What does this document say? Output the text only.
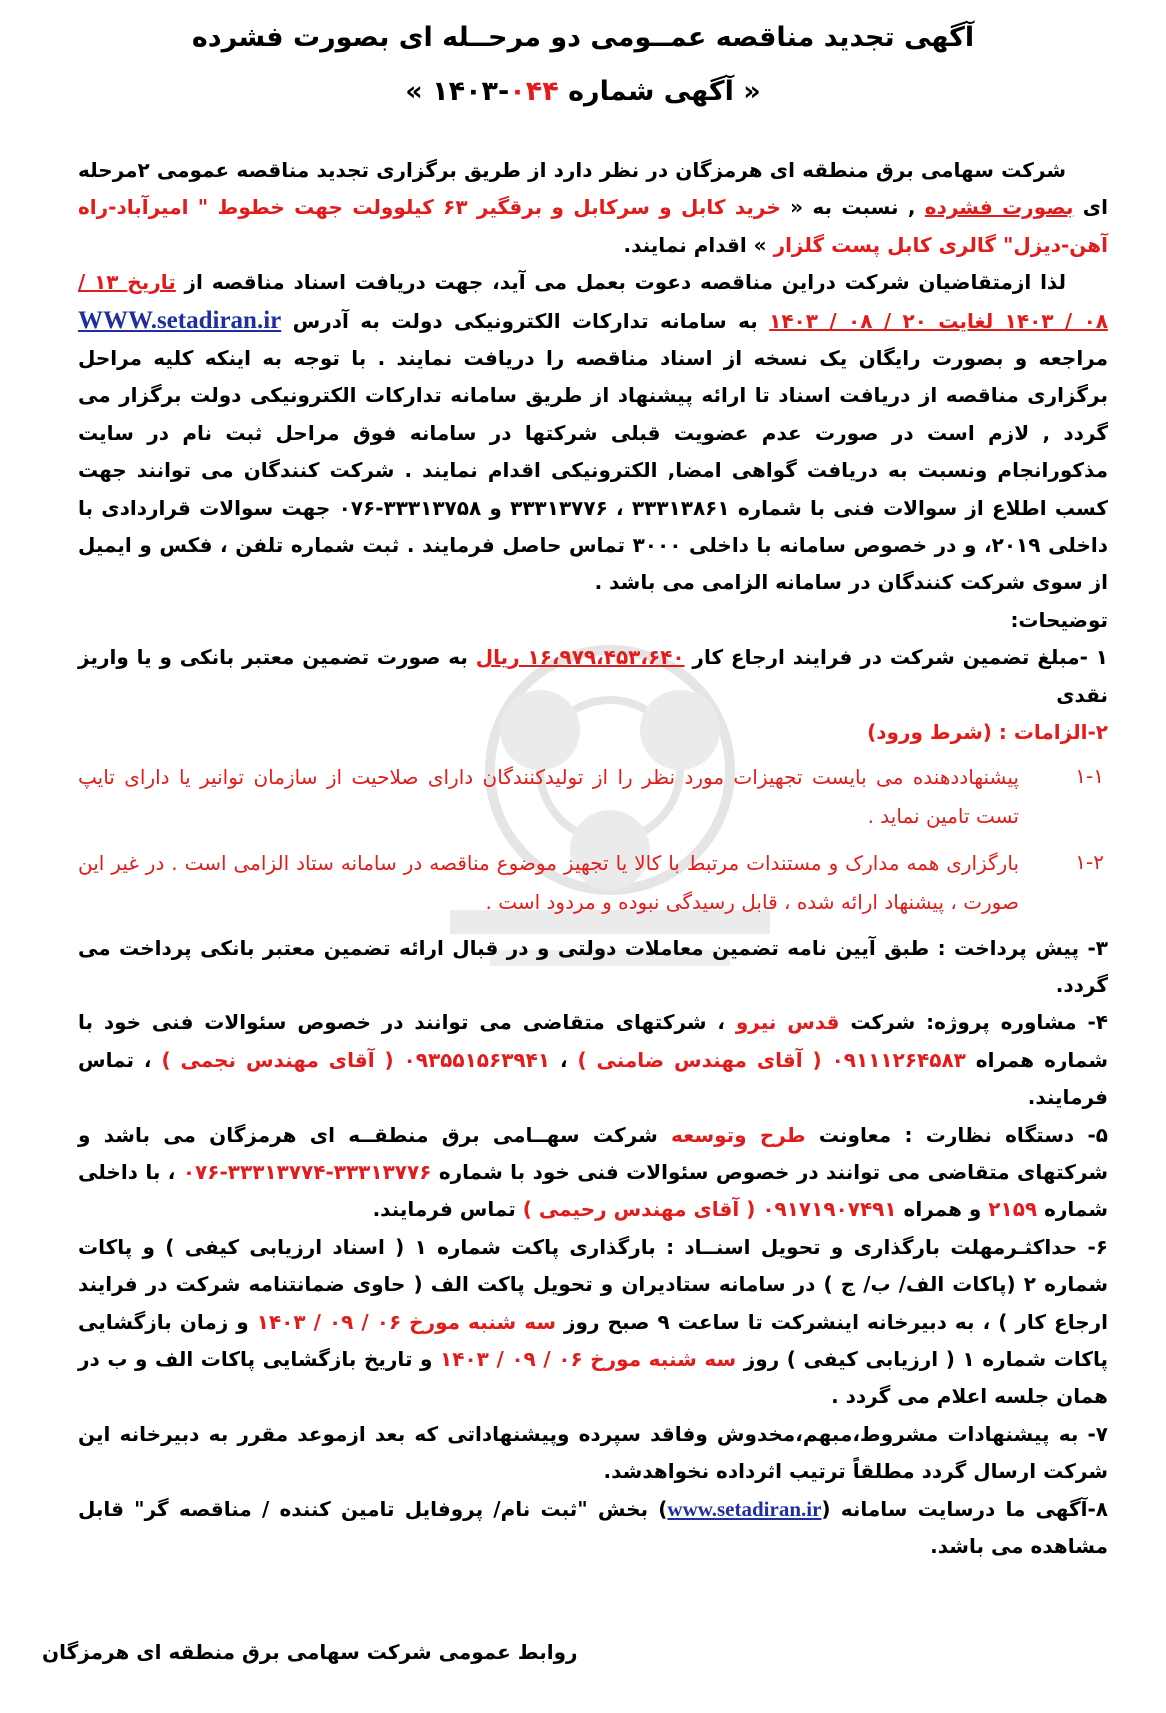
آگهی تجدید مناقصه عمــومی دو مرحــله ای بصورت فشرده
« آگهی شماره ۰۴۴-۱۴۰۳ »

شرکت سهامی برق منطقه ای هرمزگان در نظر دارد از طریق برگزاری تجدید مناقصه عمومی ۲مرحله ای بصورت فشرده , نسبت به « خرید کابل و سرکابل و برقگیر ۶۳ کیلوولت جهت خطوط " امیرآباد-راه آهن-دیزل" گالری کابل پست گلزار » اقدام نمایند.

لذا ازمتقاضیان شرکت دراین مناقصه دعوت بعمل می آید، جهت دریافت اسناد مناقصه از تاریخ ۱۳ / ۰۸ / ۱۴۰۳ لغایت ۲۰ / ۰۸ / ۱۴۰۳ به سامانه تدارکات الکترونیکی دولت به آدرس WWW.setadiran.ir مراجعه و بصورت رایگان یک نسخه از اسناد مناقصه را دریافت نمایند . با توجه به اینکه کلیه مراحل برگزاری مناقصه از دریافت اسناد تا ارائه پیشنهاد از طریق سامانه تدارکات الکترونیکی دولت برگزار می گردد , لازم است در صورت عدم عضویت قبلی شرکتها در سامانه فوق مراحل ثبت نام در سایت مذکورانجام ونسبت به دریافت گواهی امضا, الکترونیکی اقدام نمایند . شرکت کنندگان می توانند جهت کسب اطلاع از سوالات فنی با شماره ۳۳۳۱۳۸۶۱ ، ۳۳۳۱۳۷۷۶ و ۳۳۳۱۳۷۵۸-۰۷۶ جهت سوالات قراردادی با داخلی ۲۰۱۹، و در خصوص سامانه با داخلی ۳۰۰۰ تماس حاصل فرمایند . ثبت شماره تلفن ، فکس و ایمیل از سوی شرکت کنندگان در سامانه الزامی می باشد .

توضیحات:

۱ -مبلغ تضمین شرکت در فرایند ارجاع کار ۱۶،۹۷۹،۴۵۳،۶۴۰ ریال به صورت تضمین معتبر بانکی و یا واریز نقدی

۲-الزامات : (شرط ورود)

۱-۱
پیشنهاددهنده می بایست تجهیزات مورد نظر را از تولیدکنندگان دارای صلاحیت از سازمان توانیر یا دارای تایپ تست تامین نماید .
۱-۲
بارگزاری همه مدارک و مستندات مرتبط با کالا یا تجهیز موضوع مناقصه در سامانه ستاد الزامی است . در غیر این صورت ، پیشنهاد ارائه شده ، قابل رسیدگی نبوده و مردود است .

۳- پیش پرداخت : طبق آیین نامه تضمین معاملات دولتی و در قبال ارائه تضمین معتبر بانکی پرداخت می گردد.

۴- مشاوره پروژه: شرکت قدس نیرو ، شرکتهای متقاضی می توانند در خصوص سئوالات فنی خود با شماره همراه ۰۹۱۱۱۲۶۴۵۸۳ ( آقای مهندس ضامنی ) ، ۰۹۳۵۵۱۵۶۳۹۴۱ ( آقای مهندس نجمی ) ، تماس فرمایند.

۵- دستگاه نظارت : معاونت طرح وتوسعه شرکت سهــامی برق منطقــه ای هرمزگان می باشد و شرکتهای متقاضی می توانند در خصوص سئوالات فنی خود با شماره ۳۳۳۱۳۷۷۶-۳۳۳۱۳۷۷۴-۰۷۶ ، با داخلی شماره ۲۱۵۹ و همراه ۰۹۱۷۱۹۰۷۴۹۱ ( آقای مهندس رحیمی ) تماس فرمایند.

۶- حداکثـرمهلت بارگذاری و تحویل اسنــاد : بارگذاری پاکت شماره ۱ ( اسناد ارزیابی کیفی ) و پاکات شماره ۲ (پاکات الف/ ب/ ج ) در سامانه ستادیران و تحویل پاکت الف ( حاوی ضمانتنامه شرکت در فرایند ارجاع کار ) ، به دبیرخانه اینشرکت تا ساعت ۹ صبح روز سه شنبه مورخ ۰۶ / ۰۹ / ۱۴۰۳ و زمان بازگشایی پاکات شماره ۱ ( ارزیابی کیفی ) روز سه شنبه مورخ ۰۶ / ۰۹ / ۱۴۰۳ و تاریخ بازگشایی پاکات الف و ب در همان جلسه اعلام می گردد .

۷- به پیشنهادات مشروط،مبهم،مخدوش وفاقد سپرده وپیشنهاداتی که بعد ازموعد مقرر به دبیرخانه این شرکت ارسال گردد مطلقاً ترتیب اثرداده نخواهدشد.

۸-آگهی ما درسایت سامانه (www.setadiran.ir) بخش "ثبت نام/ پروفایل تامین کننده / مناقصه گر" قابل مشاهده می باشد.

روابط عمومی شرکت سهامی برق منطقه ای هرمزگان
